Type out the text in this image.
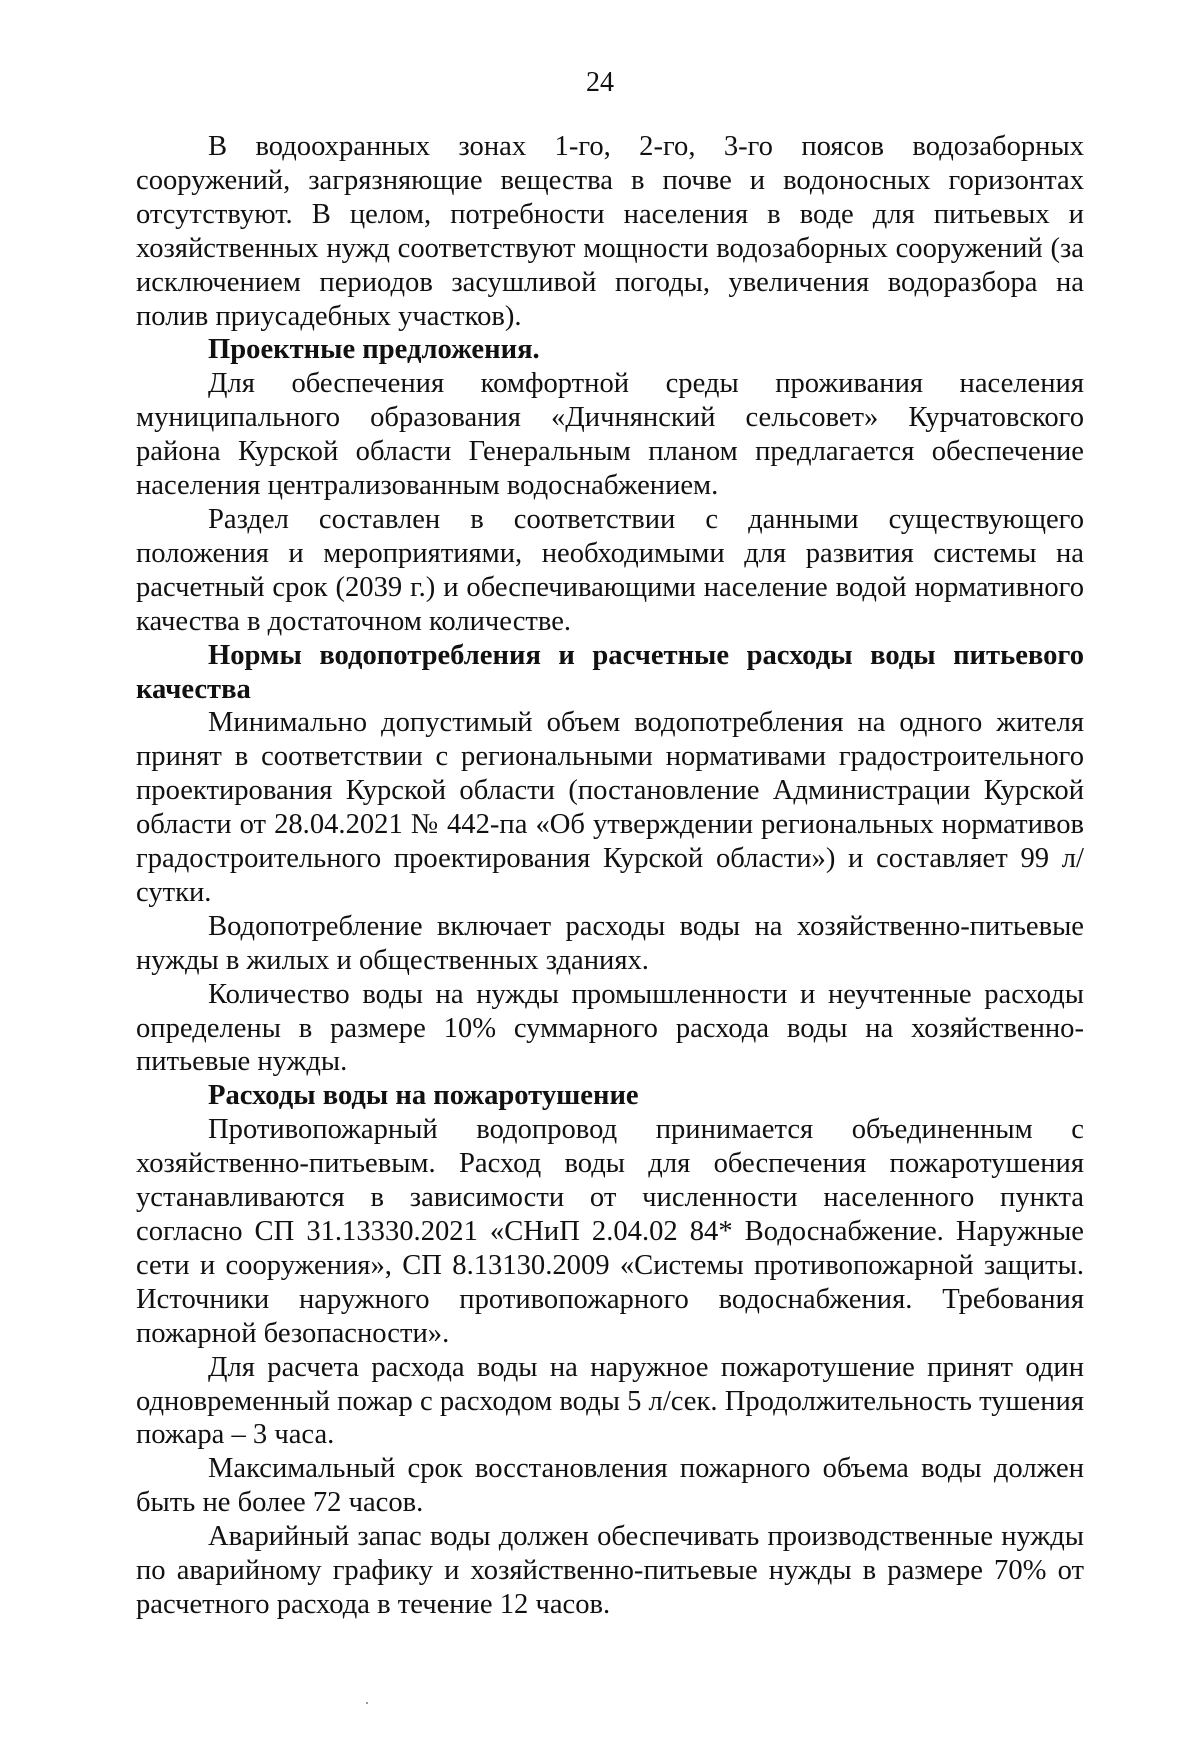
24

В водоохранных зонах 1-го, 2-го, 3-го поясов водозаборных сооружений, загрязняющие вещества в почве и водоносных горизонтах отсутствуют. В целом, потребности населения в воде для питьевых и хозяйственных нужд соответствуют мощности водозаборных сооружений (за исключением периодов засушливой погоды, увеличения водоразбора на полив приусадебных участков).

Проектные предложения.

Для обеспечения комфортной среды проживания населения муниципального образования «Дичнянский сельсовет» Курчатовского района Курской области Генеральным планом предлагается обеспечение населения централизованным водоснабжением.

Раздел составлен в соответствии с данными существующего положения и мероприятиями, необходимыми для развития системы на расчетный срок (2039 г.) и обеспечивающими население водой нормативного качества в достаточном количестве.

Нормы водопотребления и расчетные расходы воды питьевого качества

Минимально допустимый объем водопотребления на одного жителя принят в соответствии с региональными нормативами градостроительного проектирования Курской области (постановление Администрации Курской области от 28.04.2021 № 442-па «Об утверждении региональных нормативов градостроительного проектирования Курской области») и составляет 99 л/сутки.

Водопотребление включает расходы воды на хозяйственно-питьевые нужды в жилых и общественных зданиях.

Количество воды на нужды промышленности и неучтенные расходы определены в размере 10% суммарного расхода воды на хозяйственно-питьевые нужды.

Расходы воды на пожаротушение

Противопожарный водопровод принимается объединенным с хозяйственно-питьевым. Расход воды для обеспечения пожаротушения устанавливаются в зависимости от численности населенного пункта согласно СП 31.13330.2021 «СНиП 2.04.02 84* Водоснабжение. Наружные сети и сооружения», СП 8.13130.2009 «Системы противопожарной защиты. Источники наружного противопожарного водоснабжения. Требования пожарной безопасности».

Для расчета расхода воды на наружное пожаротушение принят один одновременный пожар с расходом воды 5 л/сек. Продолжительность тушения пожара – 3 часа.

Максимальный срок восстановления пожарного объема воды должен быть не более 72 часов.

Аварийный запас воды должен обеспечивать производственные нужды по аварийному графику и хозяйственно-питьевые нужды в размере 70% от расчетного расхода в течение 12 часов.
